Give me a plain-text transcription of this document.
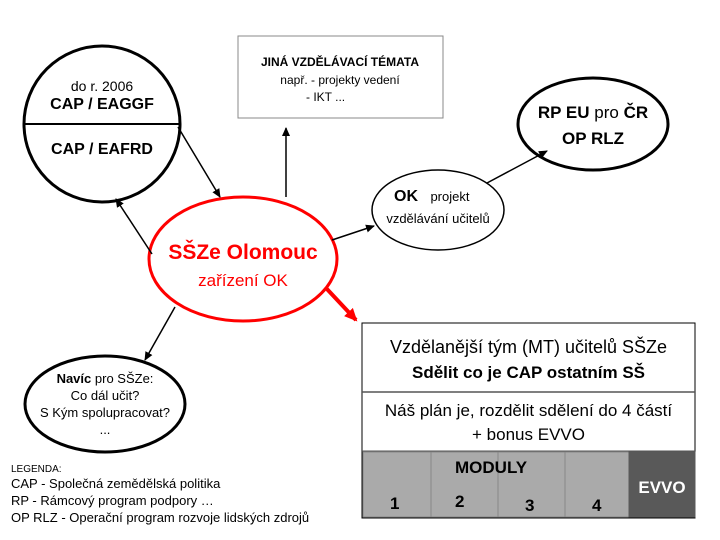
do r. 2006
CAP / EAGGF
CAP / EAFRD
JINÁ VZDĚLÁVACÍ TÉMATA
např. - projekty vedení
- IKT ...
RP EU pro ČR
OP RLZ
OK projekt
vzdělávání učitelů
SŠZe Olomouc
zařízení OK
Navíc pro SŠZe:
Co dál učit?
S Kým spolupracovat?
...
LEGENDA:
CAP - Společná zemědělská politika
RP - Rámcový program podpory …
OP RLZ - Operační program rozvoje lidských zdrojů
Vzdělanější tým (MT) učitelů SŠZe
Sdělit co je CAP ostatním SŠ
Náš plán je, rozdělit sdělení do 4 částí
+ bonus EVVO
MODULY
EVVO
1	2	3	4
